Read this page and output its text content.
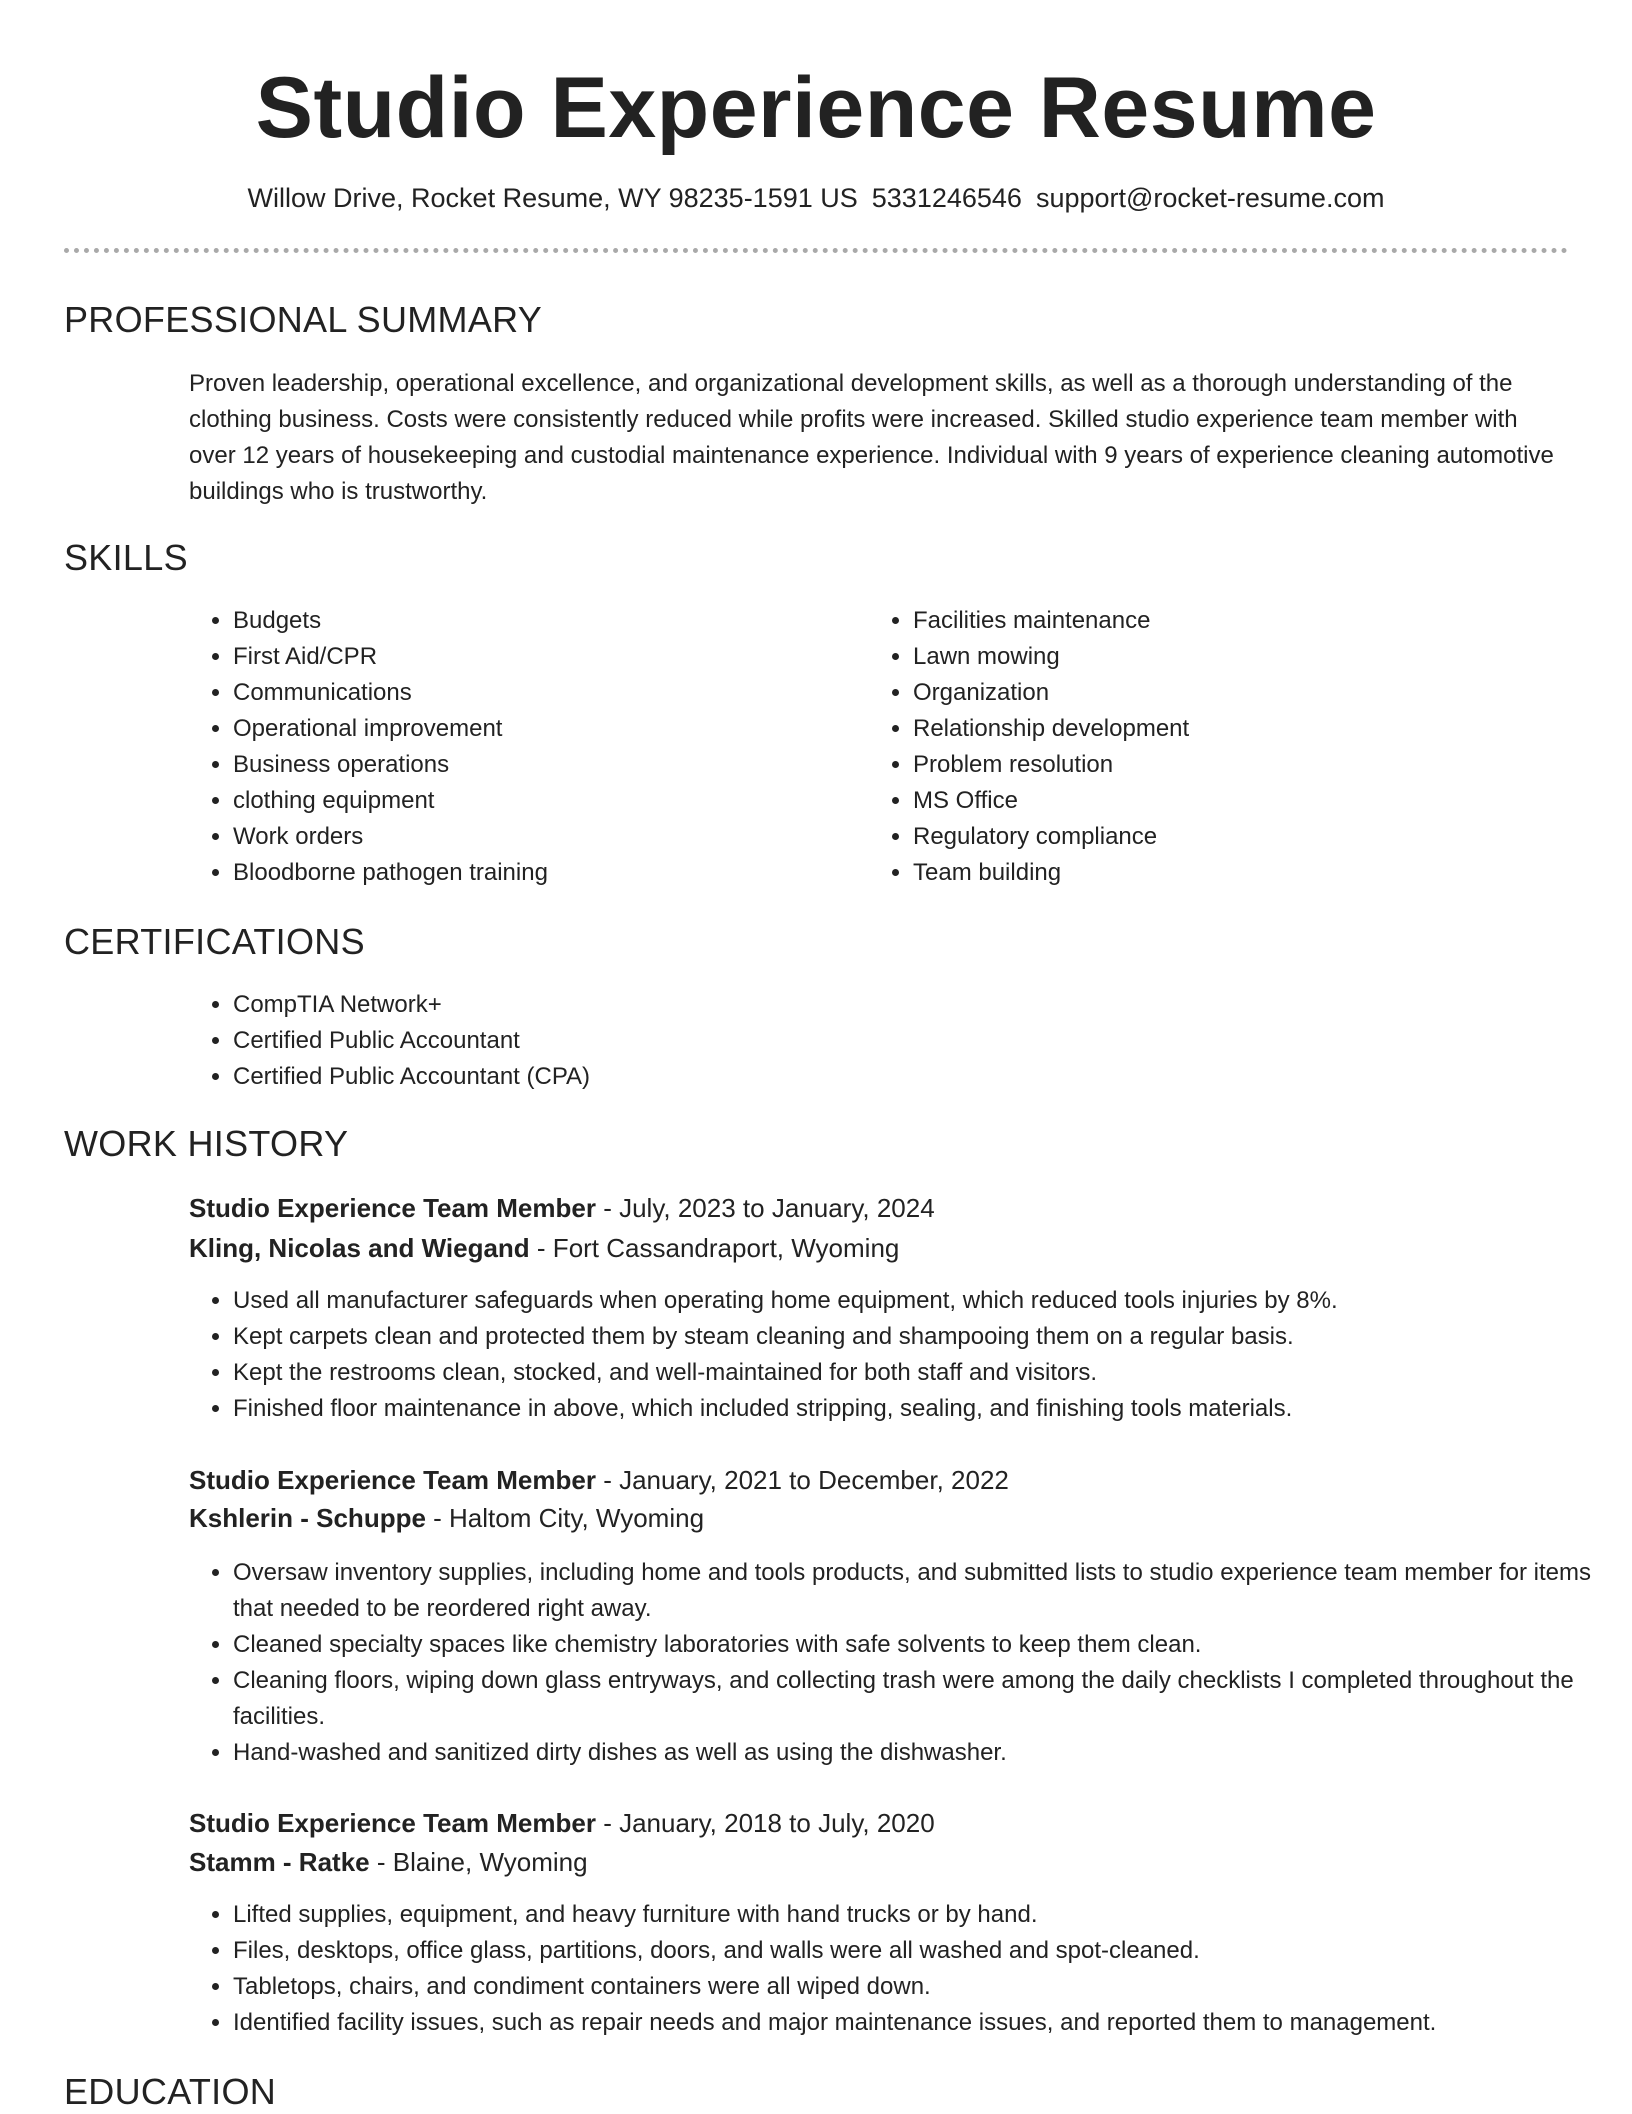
Studio Experience Resume
Willow Drive, Rocket Resume, WY 98235-1591 US 5331246546 support@rocket-resume.com
PROFESSIONAL SUMMARY

Proven leadership, operational excellence, and organizational development skills, as well as a thorough understanding of the clothing business. Costs were consistently reduced while profits were increased. Skilled studio experience team member with over 12 years of housekeeping and custodial maintenance experience. Individual with 9 years of experience cleaning automotive buildings who is trustworthy.

SKILLS
• Budgets
• First Aid/CPR
• Communications
• Operational improvement
• Business operations
• clothing equipment
• Work orders
• Bloodborne pathogen training
• Facilities maintenance
• Lawn mowing
• Organization
• Relationship development
• Problem resolution
• MS Office
• Regulatory compliance
• Team building
CERTIFICATIONS
• CompTIA Network+
• Certified Public Accountant
• Certified Public Accountant (CPA)
WORK HISTORY

Studio Experience Team Member - July, 2023 to January, 2024

Kling, Nicolas and Wiegand - Fort Cassandraport, Wyoming

• Used all manufacturer safeguards when operating home equipment, which reduced tools injuries by 8%.
• Kept carpets clean and protected them by steam cleaning and shampooing them on a regular basis.
• Kept the restrooms clean, stocked, and well-maintained for both staff and visitors.
• Finished floor maintenance in above, which included stripping, sealing, and finishing tools materials.

Studio Experience Team Member - January, 2021 to December, 2022

Kshlerin - Schuppe - Haltom City, Wyoming

• Oversaw inventory supplies, including home and tools products, and submitted lists to studio experience team member for items that needed to be reordered right away.
• Cleaned specialty spaces like chemistry laboratories with safe solvents to keep them clean.
• Cleaning floors, wiping down glass entryways, and collecting trash were among the daily checklists I completed throughout the facilities.
• Hand-washed and sanitized dirty dishes as well as using the dishwasher.

Studio Experience Team Member - January, 2018 to July, 2020

Stamm - Ratke - Blaine, Wyoming

• Lifted supplies, equipment, and heavy furniture with hand trucks or by hand.
• Files, desktops, office glass, partitions, doors, and walls were all washed and spot-cleaned.
• Tabletops, chairs, and condiment containers were all wiped down.
• Identified facility issues, such as repair needs and major maintenance issues, and reported them to management.
EDUCATION
